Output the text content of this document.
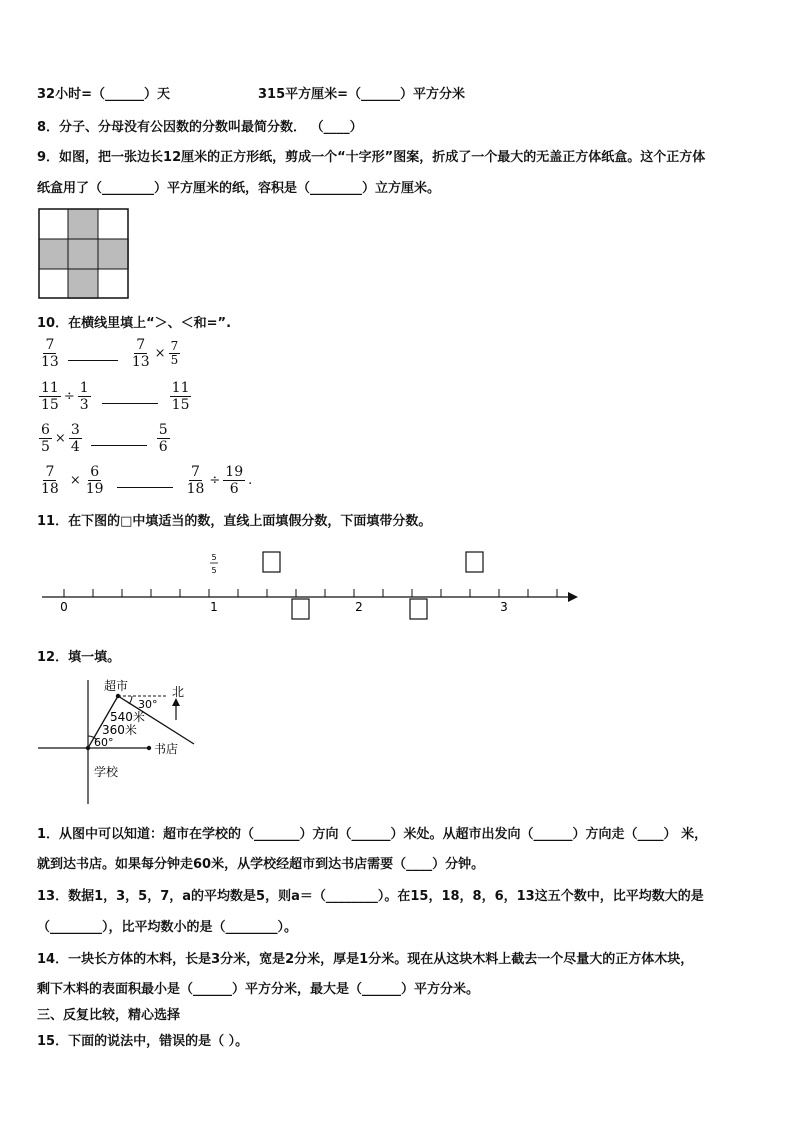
32小时=（______）天	315平方厘米=（______）平方分米
8．分子、分母没有公因数的分数叫最简分数． （____）
9．如图，把一张边长12厘米的正方形纸，剪成一个“十字形”图案，折成了一个最大的无盖正方体纸盒。这个正方体
纸盒用了（________）平方厘米的纸，容积是（________）立方厘米。
10．在横线里填上“＞、＜和=”.
$\frac{7}{13}$	$\frac{7}{13} \times \frac{7}{5}$
$\frac{11}{15} \div \frac{1}{3}$	$\frac{11}{15}$
$\frac{6}{5} \times \frac{3}{4}$	$\frac{5}{6}$
$\frac{7}{18} \times \frac{6}{19}$	$\frac{7}{18} \div \frac{19}{6}$ .
11．在下图的□中填适当的数，直线上面填假分数，下面填带分数。
0	1	2	3
5
5
12．填一填。
超市	北
30°
540米
360米
60°	书店
学校
1．从图中可以知道：超市在学校的（_______）方向（______）米处。从超市出发向（______）方向走（____） 米，
就到达书店。如果每分钟走60米，从学校经超市到达书店需要（____）分钟。
13．数据1，3，5，7，a的平均数是5，则a＝（________）。在15，18，8，6，13这五个数中，比平均数大的是
（________），比平均数小的是（________）。
14．一块长方体的木料，长是3分米，宽是2分米，厚是1分米。现在从这块木料上截去一个尽量大的正方体木块，
剩下木料的表面积最小是（______）平方分米，最大是（______）平方分米。
三、反复比较，精心选择
15．下面的说法中，错误的是（ ）。
